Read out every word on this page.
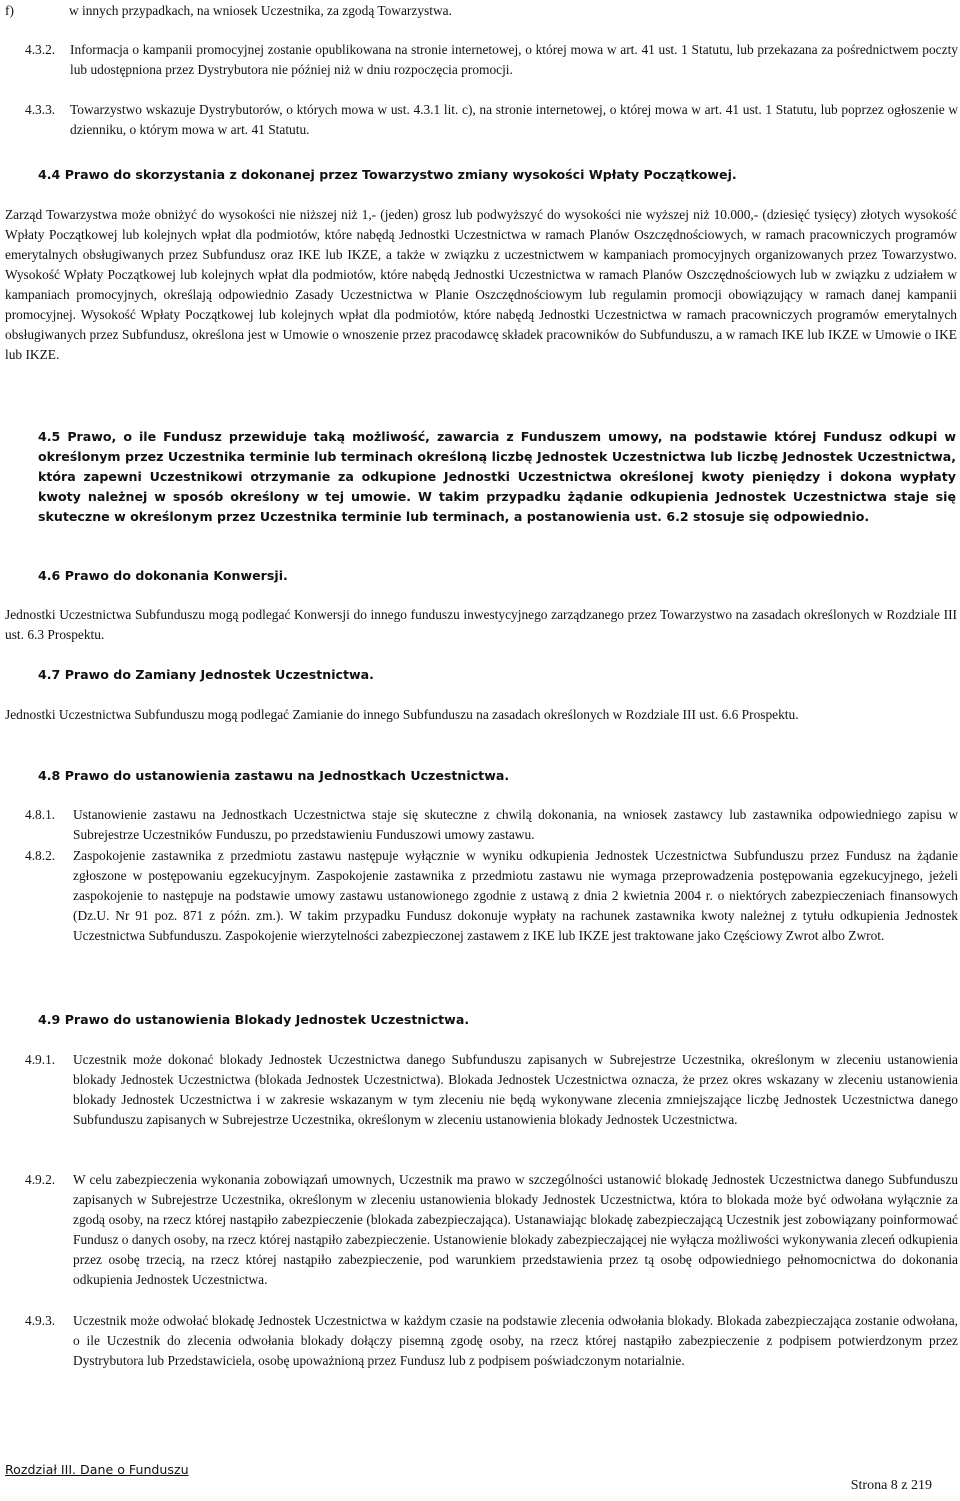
f)	w innych przypadkach, na wniosek Uczestnika, za zgodą Towarzystwa.
4.3.2.	Informacja o kampanii promocyjnej zostanie opublikowana na stronie internetowej, o której mowa w art. 41 ust. 1 Statutu, lub przekazana za pośrednictwem poczty lub udostępniona przez Dystrybutora nie później niż w dniu rozpoczęcia promocji.
4.3.3.	Towarzystwo wskazuje Dystrybutorów, o których mowa w ust. 4.3.1 lit. c), na stronie internetowej, o której mowa w art. 41 ust. 1 Statutu, lub poprzez ogłoszenie w dzienniku, o którym mowa w art. 41 Statutu.
4.4 Prawo do skorzystania z dokonanej przez Towarzystwo zmiany wysokości Wpłaty Początkowej.
Zarząd Towarzystwa może obniżyć do wysokości nie niższej niż 1,- (jeden) grosz lub podwyższyć do wysokości nie wyższej niż 10.000,- (dziesięć tysięcy) złotych wysokość Wpłaty Początkowej lub kolejnych wpłat dla podmiotów, które nabędą Jednostki Uczestnictwa w ramach Planów Oszczędnościowych, w ramach pracowniczych programów emerytalnych obsługiwanych przez Subfundusz oraz IKE lub IKZE, a także w związku z uczestnictwem w kampaniach promocyjnych organizowanych przez Towarzystwo. Wysokość Wpłaty Początkowej lub kolejnych wpłat dla podmiotów, które nabędą Jednostki Uczestnictwa w ramach Planów Oszczędnościowych lub w związku z udziałem w kampaniach promocyjnych, określają odpowiednio Zasady Uczestnictwa w Planie Oszczędnościowym lub regulamin promocji obowiązujący w ramach danej kampanii promocyjnej. Wysokość Wpłaty Początkowej lub kolejnych wpłat dla podmiotów, które nabędą Jednostki Uczestnictwa w ramach pracowniczych programów emerytalnych obsługiwanych przez Subfundusz, określona jest w Umowie o wnoszenie przez pracodawcę składek pracowników do Subfunduszu, a w ramach IKE lub IKZE w Umowie o IKE lub IKZE.
4.5 Prawo, o ile Fundusz przewiduje taką możliwość, zawarcia z Funduszem umowy, na podstawie której Fundusz odkupi w określonym przez Uczestnika terminie lub terminach określoną liczbę Jednostek Uczestnictwa lub liczbę Jednostek Uczestnictwa, która zapewni Uczestnikowi otrzymanie za odkupione Jednostki Uczestnictwa określonej kwoty pieniędzy i dokona wypłaty kwoty należnej w sposób określony w tej umowie. W takim przypadku żądanie odkupienia Jednostek Uczestnictwa staje się skuteczne w określonym przez Uczestnika terminie lub terminach, a postanowienia ust. 6.2 stosuje się odpowiednio.
4.6 Prawo do dokonania Konwersji.
Jednostki Uczestnictwa Subfunduszu mogą podlegać Konwersji do innego funduszu inwestycyjnego zarządzanego przez Towarzystwo na zasadach określonych w Rozdziale III ust. 6.3 Prospektu.
4.7 Prawo do Zamiany Jednostek Uczestnictwa.
Jednostki Uczestnictwa Subfunduszu mogą podlegać Zamianie do innego Subfunduszu na zasadach określonych w Rozdziale III ust. 6.6 Prospektu.
4.8 Prawo do ustanowienia zastawu na Jednostkach Uczestnictwa.
4.8.1.	Ustanowienie zastawu na Jednostkach Uczestnictwa staje się skuteczne z chwilą dokonania, na wniosek zastawcy lub zastawnika odpowiedniego zapisu w Subrejestrze Uczestników Funduszu, po przedstawieniu Funduszowi umowy zastawu.
4.8.2.	Zaspokojenie zastawnika z przedmiotu zastawu następuje wyłącznie w wyniku odkupienia Jednostek Uczestnictwa Subfunduszu przez Fundusz na żądanie zgłoszone w postępowaniu egzekucyjnym. Zaspokojenie zastawnika z przedmiotu zastawu nie wymaga przeprowadzenia postępowania egzekucyjnego, jeżeli zaspokojenie to następuje na podstawie umowy zastawu ustanowionego zgodnie z ustawą z dnia 2 kwietnia 2004 r. o niektórych zabezpieczeniach finansowych (Dz.U. Nr 91 poz. 871 z późn. zm.). W takim przypadku Fundusz dokonuje wypłaty na rachunek zastawnika kwoty należnej z tytułu odkupienia Jednostek Uczestnictwa Subfunduszu. Zaspokojenie wierzytelności zabezpieczonej zastawem z IKE lub IKZE jest traktowane jako Częściowy Zwrot albo Zwrot.
4.9 Prawo do ustanowienia Blokady Jednostek Uczestnictwa.
4.9.1.	Uczestnik może dokonać blokady Jednostek Uczestnictwa danego Subfunduszu zapisanych w Subrejestrze Uczestnika, określonym w zleceniu ustanowienia blokady Jednostek Uczestnictwa (blokada Jednostek Uczestnictwa). Blokada Jednostek Uczestnictwa oznacza, że przez okres wskazany w zleceniu ustanowienia blokady Jednostek Uczestnictwa i w zakresie wskazanym w tym zleceniu nie będą wykonywane zlecenia zmniejszające liczbę Jednostek Uczestnictwa danego Subfunduszu zapisanych w Subrejestrze Uczestnika, określonym w zleceniu ustanowienia blokady Jednostek Uczestnictwa.
4.9.2.	W celu zabezpieczenia wykonania zobowiązań umownych, Uczestnik ma prawo w szczególności ustanowić blokadę Jednostek Uczestnictwa danego Subfunduszu zapisanych w Subrejestrze Uczestnika, określonym w zleceniu ustanowienia blokady Jednostek Uczestnictwa, która to blokada może być odwołana wyłącznie za zgodą osoby, na rzecz której nastąpiło zabezpieczenie (blokada zabezpieczająca). Ustanawiając blokadę zabezpieczającą Uczestnik jest zobowiązany poinformować Fundusz o danych osoby, na rzecz której nastąpiło zabezpieczenie. Ustanowienie blokady zabezpieczającej nie wyłącza możliwości wykonywania zleceń odkupienia przez osobę trzecią, na rzecz której nastąpiło zabezpieczenie, pod warunkiem przedstawienia przez tą osobę odpowiedniego pełnomocnictwa do dokonania odkupienia Jednostek Uczestnictwa.
4.9.3.	Uczestnik może odwołać blokadę Jednostek Uczestnictwa w każdym czasie na podstawie zlecenia odwołania blokady. Blokada zabezpieczająca zostanie odwołana, o ile Uczestnik do zlecenia odwołania blokady dołączy pisemną zgodę osoby, na rzecz której nastąpiło zabezpieczenie z podpisem potwierdzonym przez Dystrybutora lub Przedstawiciela, osobę upoważnioną przez Fundusz lub z podpisem poświadczonym notarialnie.
Rozdział III. Dane o Funduszu
Strona 8 z 219
